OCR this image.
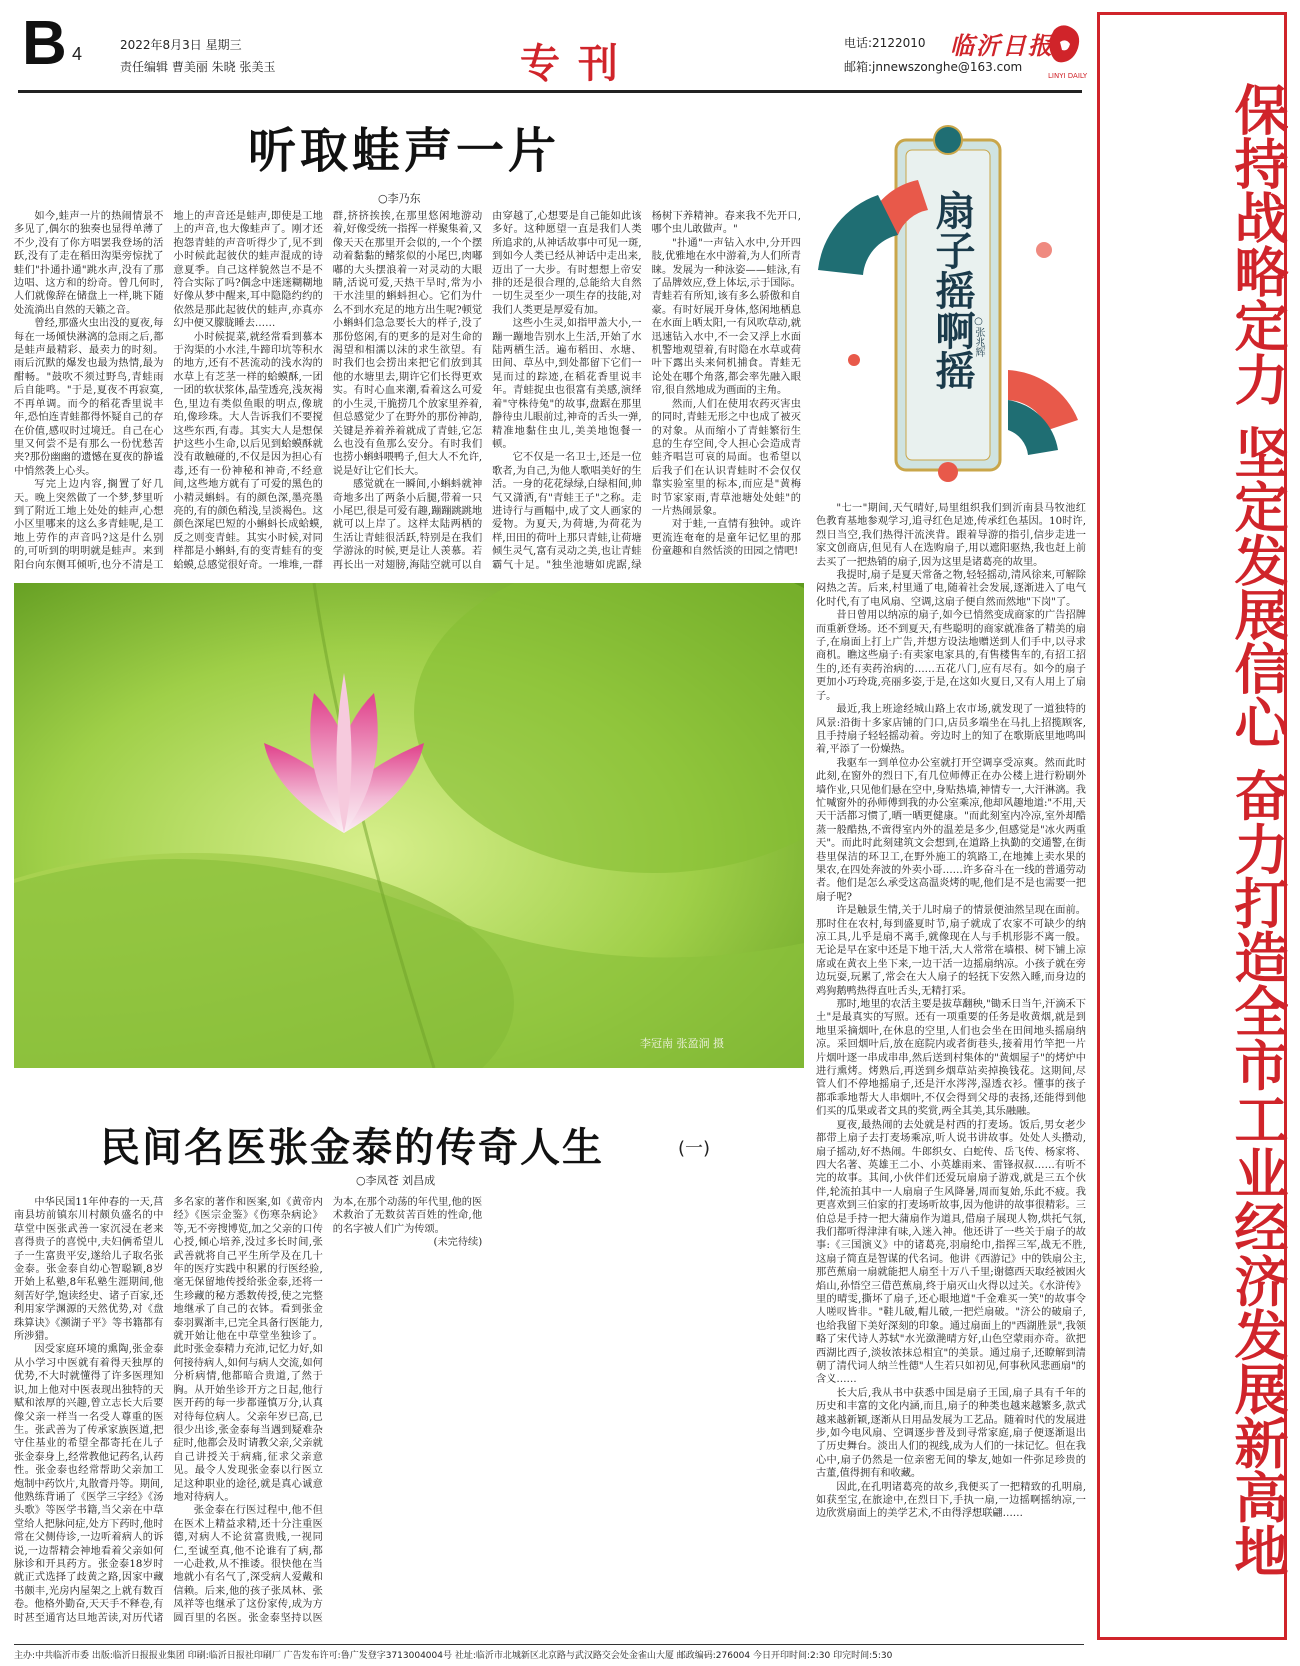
B 4	2022年8月3日 星期三
责任编辑 曹美丽 朱晓 张美玉	专刊	电话:2122010
邮箱:jnnewszonghe@163.com
临沂日报
LINYI DAILY
保持战略定力 坚定发展信心 奋力打造全市工业经济发展新高地
听取蛙声一片
○李乃东

如今,蛙声一片的热闹情景不多见了,偶尔的独奏也显得单薄了不少,没有了你方唱罢我登场的活跃,没有了走在稻田沟渠旁惊扰了蛙们"扑通扑通"跳水声,没有了那边唱、这方和的纷奇。曾几何时,人们就像辞在储盘上一样,眺下随处流淌出自然的天籁之音。

曾经,那盛火虫出没的夏夜,每每在一场倾快淋漓的急雨之后,都是蛙声最精彩、最卖力的时刻。雨后沉默的爆发也最为热情,最为酣畅。"鼓吹不须过野鸟,青蛙雨后自能鸣。"于是,夏夜不再寂寞,不再单调。而今的稻花香里说丰年,恐怕连青蛙都得怀疑自己的存在价值,感叹时过境迁。自己在心里又何尝不是有那么一份忧愁苦夹?那份幽幽的遗憾在夏夜的静谧中悄然袭上心头。

写完上边内容,搁置了好几天。晚上突然做了一个梦,梦里听到了附近工地上处处的蛙声,心想小区里哪来的这么多青蛙呢,是工地上劳作的声音吗?这是什么别的,可听到的明明就是蛙声。来到阳台向东侧耳倾听,也分不清是工地上的声音还是蛙声,即使是工地上的声音,也大像蛙声了。刚才还抱怨青蛙的声音听得少了,见不到小时候此起彼伏的蛙声混成的诗意夏季。自己这样貌然岂不是不符合实际了吗?偶念中迷迷糊糊地好像从梦中醒来,耳中隐隐约约的依然是那此起彼伏的蛙声,亦真亦幻中便又朦胧睡去……

小时候捉菜,就经常看到慕本于沟渠的小水洼,牛蹄印坑等积水的地方,还有不甚流动的浅水沟的水草上有芝茎一样的蛤蟆酥,一团一团的软状浆体,晶莹透亮,浅灰褐色,里边有类似鱼眼的明点,像琥珀,像珍珠。大人告诉我们不要搅这些东西,有毒。其实大人是想保护这些小生命,以后见到蛤蟆酥就没有敢触碰的,不仅是因为担心有毒,还有一份神秘和神奇,不经意间,这些地方就有了可爱的黑色的小精灵蝌蚪。有的颜色深,墨亮墨亮的,有的颜色稍浅,呈淡褐色。这颜色深尾巴短的小蝌蚪长成蛤蟆,反之则变青蛙。其实小时候,对同样都是小蝌蚪,有的变青蛙有的变蛤蟆,总感觉很好奇。一堆堆,一群群,挤挤挨挨,在那里悠闲地游动着,好像受统一指挥一样聚集着,又像天天在那里开会似的,一个个摆动着黏黏的鳍浆似的小尾巴,肉嘟嘟的大头摆浪着一对灵动的大眼睛,活说可爱,天热干旱时,常为小干水洼里的蝌蚪担心。它们为什么不到水充足的地方出生呢?顿觉小蝌蚪们急急要长大的样子,没了那份悠闲,有的更多的是对生命的渴望和相濡以沫的求生欲望。有时我们也会捞出来把它们放到其他的水塘里去,期许它们长得更欢实。有时心血来潮,看着这么可爱的小生灵,干脆捞几个放家里养着,但总感觉少了在野外的那份神韵,关键是养着养着就成了青蛙,它怎么也没有鱼那么安分。有时我们也捞小蝌蚪喂鸭子,但大人不允许,说是好让它们长大。

感觉就在一瞬间,小蝌蚪就神奇地多出了两条小后腿,带着一只小尾巴,很是可爱有趣,蹦蹦跳跳地就可以上岸了。这样太陆两栖的生活让青蛙很活跃,特别是在我们学游泳的时候,更是让人羡慕。若再长出一对翅膀,海陆空就可以自由穿越了,心想要是自己能如此该多好。这种愿望一直是我们人类所追求的,从神话故事中可见一斑,到如今人类已经从神话中走出来,迈出了一大步。有时想想上帝安排的还是很合理的,总能给大自然一切生灵至少一项生存的技能,对我们人类更是厚爱有加。

这些小生灵,如指甲盖大小,一蹦一蹦地告别水上生活,开始了水陆两栖生活。遍布稻田、水塘、田间、草丛中,到处都留下它们一晃而过的踪迹,在稻花香里说丰年。青蛙捉虫也很富有美感,演绎着"守株待兔"的故事,盘踞在那里静待虫儿眼前过,神奇的舌头一弹,精准地黏住虫儿,美美地饱餐一顿。

它不仅是一名卫士,还是一位歌者,为自己,为他人歌唱美好的生活。一身的花花绿绿,白绿相间,帅气又潇洒,有"青蛙王子"之称。走进诗行与画幅中,成了文人画家的爱物。为夏天,为荷塘,为荷花为样,田田的荷叶上那只青蛙,让荷塘倾生灵气,富有灵动之美,也让青蛙霸气十足。"独坐池塘如虎踞,绿杨树下养精神。春来我不先开口,哪个虫儿敢做声。"

"扑通"一声钻入水中,分开四肢,优雅地在水中游着,为人们所青睐。发展为一种泳姿——蛙泳,有了品牌效应,登上体坛,示于国际。青蛙若有所知,该有多么骄傲和自豪。有时好展开身体,悠闲地栖息在水面上晒太阳,一有风吹草动,就迅速钻入水中,不一会又浮上水面机警地观望着,有时隐在水草或荷叶下露出头来伺机捕食。青蛙无论处在哪个角落,都会率先融入眼帘,很自然地成为画面的主角。

然而,人们在使用农药灭害虫的同时,青蛙无形之中也成了被灭的对象。从而缩小了青蛙繁衍生息的生存空间,令人担心会造成青蛙齐唱岂可哀的局面。也希望以后我子们在认识青蛙时不会仅仅靠实验室里的标本,而应是"黄梅时节家家雨,青草池塘处处蛙"的一片热闹景象。

对于蛙,一直情有独钟。或许更流连奄奄的是童年记忆里的那份童趣和自然恬淡的田园之情吧!

李冠南 张盈涧 摄
民间名医张金泰的传奇人生	(一)
○李凤苍 刘昌成

中华民国11年仲春的一天,莒南县坊前镇东川村颇负盛名的中草堂中医张武善一家沉浸在老来喜得贵子的喜悦中,夫妇俩希望儿子一生富贵平安,遂给儿子取名张金泰。张金泰自幼心智聪颖,8岁开始上私塾,8年私塾生涯期间,他刻苦好学,饱读经史、诸子百家,还利用家学渊源的天然优势,对《盘珠算诀》《濒湖子平》等书籍都有所涉猎。

因受家庭环境的熏陶,张金泰从小学习中医就有着得天独厚的优势,不大时就懂得了许多医理知识,加上他对中医表现出独特的天赋和浓厚的兴趣,曾立志长大后要像父亲一样当一名受人尊重的医生。张武善为了传承家族医道,把守住基业的希望全都寄托在儿子张金泰身上,经常教他记药名,认药性。张金泰也经常帮助父亲加工炮制中药饮片,丸散膏丹等。期间,他熟练背诵了《医学三字经》《汤头歌》等医学书籍,当父亲在中草堂给人把脉问症,处方下药时,他时常在父侧侍诊,一边听着病人的诉说,一边帮精会神地看着父亲如何脉诊和开具药方。张金泰18岁时就正式选择了歧黄之路,因家中藏书颇丰,光房内屋架之上就有数百卷。他格外勤奋,天天手不释卷,有时甚至通宵达旦地苦读,对历代诸多名家的著作和医案,如《黄帝内经》《医宗金鉴》《伤寒杂病论》等,无不旁搜博览,加之父亲的口传心授,倾心培养,没过多长时间,张武善就将自己平生所学及在几十年的医疗实践中积累的行医经验,毫无保留地传授给张金泰,还将一生珍藏的秘方悉数传授,使之完整地继承了自己的衣钵。看到张金泰羽翼渐丰,已完全具备行医能力,就开始让他在中草堂坐独诊了。此时张金泰精力充沛,记忆力好,如何接待病人,如何与病人交流,如何分析病情,他都暗合贵道,了然于胸。从开始坐诊开方之日起,他行医开药的每一步都谨慎万分,认真对待每位病人。父亲年岁已高,已很少出诊,张金泰每当遇到疑难杂症时,他都会及时请教父亲,父亲就自己讲授关于病痛,征求父亲意见。最令人发现张金泰以行医立足这种职业的途径,就是真心诚意地对待病人。

张金泰在行医过程中,他不但在医术上精益求精,还十分注重医德,对病人不论贫富贵贱,一视同仁,至诚至真,他不论谁有了病,都一心赴救,从不推诿。很快他在当地就小有名气了,深受病人爱戴和信赖。后来,他的孩子张凤林、张凤祥等也继承了这份家传,成为方圆百里的名医。张金泰坚持以医为本,在那个动荡的年代里,他的医术救治了无数贫苦百姓的性命,他的名字被人们广为传颂。

(未完待续)

扇子摇啊摇
○张兆辉

"七一"期间,天气晴好,局里组织我们到沂南县马牧池红色教育基地参观学习,追寻红色足迹,传承红色基因。10时许,烈日当空,我们热得汗流浃背。跟着导游的指引,信步走进一家文创商店,但见有人在选购扇子,用以遮阳驱热,我也赶上前去买了一把热销的扇子,因为这里是诸葛亮的故里。

我提时,扇子是夏天常备之物,轻轻摇动,清风徐来,可解除闷热之苦。后来,村里通了电,随着社会发展,逐渐进入了电气化时代,有了电风扇、空调,这扇子便自然而然地"下岗"了。

昔日曾用以纳凉的扇子,如今已悄然变成商家的广告招牌而重新登场。还不到夏天,有些聪明的商家就准备了精美的扇子,在扇面上打上广告,并想方设法地赠送到人们手中,以寻求商机。瞧这些扇子:有卖家电家具的,有售楼售车的,有招工招生的,还有卖药治病的……五花八门,应有尽有。如今的扇子更加小巧玲珑,亮丽多姿,于是,在这如火夏日,又有人用上了扇子。

最近,我上班途经城山路上农市场,就发现了一道独特的风景:沿街十多家店铺的门口,店员多端坐在马扎上招揽顾客,且手持扇子轻轻摇动着。旁边时上的知了在歌斯底里地鸣叫着,平添了一份燥热。

我驱车一到单位办公室就打开空调享受凉爽。然而此时此刻,在窗外的烈日下,有几位师傅正在办公楼上进行粉刷外墙作业,只见他们悬在空中,身贴热墙,神情专一,大汗淋漓。我忙喊窗外的孙师傅到我的办公室乘凉,他却风趣地道:"不用,天天干活都习惯了,晒一晒更健康。"而此刻室内冷凉,室外却酷蒸一般酷热,不啻得室内外的温差是多少,但感觉是"冰火两重天"。而此时此刻建筑文会想到,在道路上执勤的交通警,在街巷里保洁的环卫工,在野外施工的筑路工,在地摊上卖水果的果农,在四处奔波的外卖小哥……许多奋斗在一线的普通劳动者。他们是怎么承受这高温炎烤的呢,他们是不是也需要一把扇子呢?

许是触景生情,关于儿时扇子的情景便油然呈现在面前。那时住在农村,每到盛夏时节,扇子就成了农家不可缺少的纳凉工具,儿乎是扇不离手,就像现在人与手机形影不离一般。无论是早在家中还是下地干活,大人常常在墙根、树下铺上凉席或在黄衣上坐下来,一边干活一边摇扇纳凉。小孩子就在旁边玩耍,玩累了,常会在大人扇子的轻抚下安然入睡,而身边的鸡狗鹅鸭热得直吐舌头,无精打采。

那时,地里的农活主要是拔草翻秧,"锄禾日当午,汗滴禾下土"是最真实的写照。还有一项重要的任务是收黄烟,就是到地里采摘烟叶,在休息的空里,人们也会坐在田间地头摇扇纳凉。采回烟叶后,放在庭院内或者街巷头,接着用竹竿把一片片烟叶逐一串成串串,然后送到村集体的"黄烟屋子"的烤炉中进行熏烤。烤熟后,再送到乡烟草站卖掉换钱花。这期间,尽管人们不停地摇扇子,还是汗水涔涔,湿透衣衫。懂事的孩子都乖乖地帮大人串烟叶,不仅会得到父母的表扬,还能得到他们买的瓜果或者文具的奖赏,两全其美,其乐融融。

夏夜,最热闹的去处就是村西的打麦场。饭后,男女老少都带上扇子去打麦场乘凉,听人说书讲故事。处处人头攒动,扇子摇动,好不热闹。牛郎织女、白蛇传、岳飞传、杨家将、四大名著、英雄王二小、小英雄雨来、雷锋叔叔……有听不完的故事。其间,小伙伴们还爱玩扇扇子游戏,就是三五个伙伴,轮流拍其中一人扇扇子生风降暑,周而复始,乐此不疲。我更喜欢到三伯家的打麦场听故事,因为他讲的故事很精彩。三伯总是手持一把大蒲扇作为道具,借扇子展现人物,烘托气氛,我们都听得津津有味,入迷入神。他还讲了一些关于扇子的故事:《三国演义》中的诸葛亮,羽扇纶巾,指挥三军,战无不胜,这扇子简直是智谋的代名词。他讲《西游记》中的铁扇公主,那芭蕉扇一扇就能把人扇至十万八千里;谢德西天取经被困火焰山,孙悟空三借芭蕉扇,终于扇灭山火得以过关。《水浒传》里的晴雯,撕坏了扇子,还心眼地道"千金难买一笑"的故事令人嗟叹皆非。"鞋儿破,帽儿破,一把烂扇破。"济公的破扇子,也给我留下美好深刻的印象。通过扇面上的"西湖胜景",我领略了宋代诗人苏轼"水光潋滟晴方好,山色空蒙雨亦奇。欲把西湖比西子,淡妆浓抹总相宜"的美景。通过扇子,还瞭解到清朝了清代词人纳兰性德"人生若只如初见,何事秋风悲画扇"的含义……

长大后,我从书中获悉中国是扇子王国,扇子具有千年的历史和丰富的文化内涵,而且,扇子的种类也越来越繁多,款式越来越新颖,逐渐从日用品发展为工艺品。随着时代的发展进步,如今电风扇、空调逐步普及到寻常家庭,扇子便逐渐退出了历史舞台。淡出人们的视线,成为人们的一抹记忆。但在我心中,扇子仍然是一位亲密无间的挚友,她如一件弥足珍贵的古董,值得拥有和收藏。

因此,在孔明诸葛亮的故乡,我便买了一把精致的孔明扇,如获至宝,在旅途中,在烈日下,手执一扇,一边摇啊摇纳凉,一边欣赏扇面上的美学艺术,不由得浮想联翩……

主办:中共临沂市委 出版:临沂日报报业集团 印刷:临沂日报社印刷厂 广告发布许可:鲁广发登字3713004004号 社址:临沂市北城新区北京路与武汉路交会处金雀山大厦 邮政编码:276004 今日开印时间:2:30 印完时间:5:30
